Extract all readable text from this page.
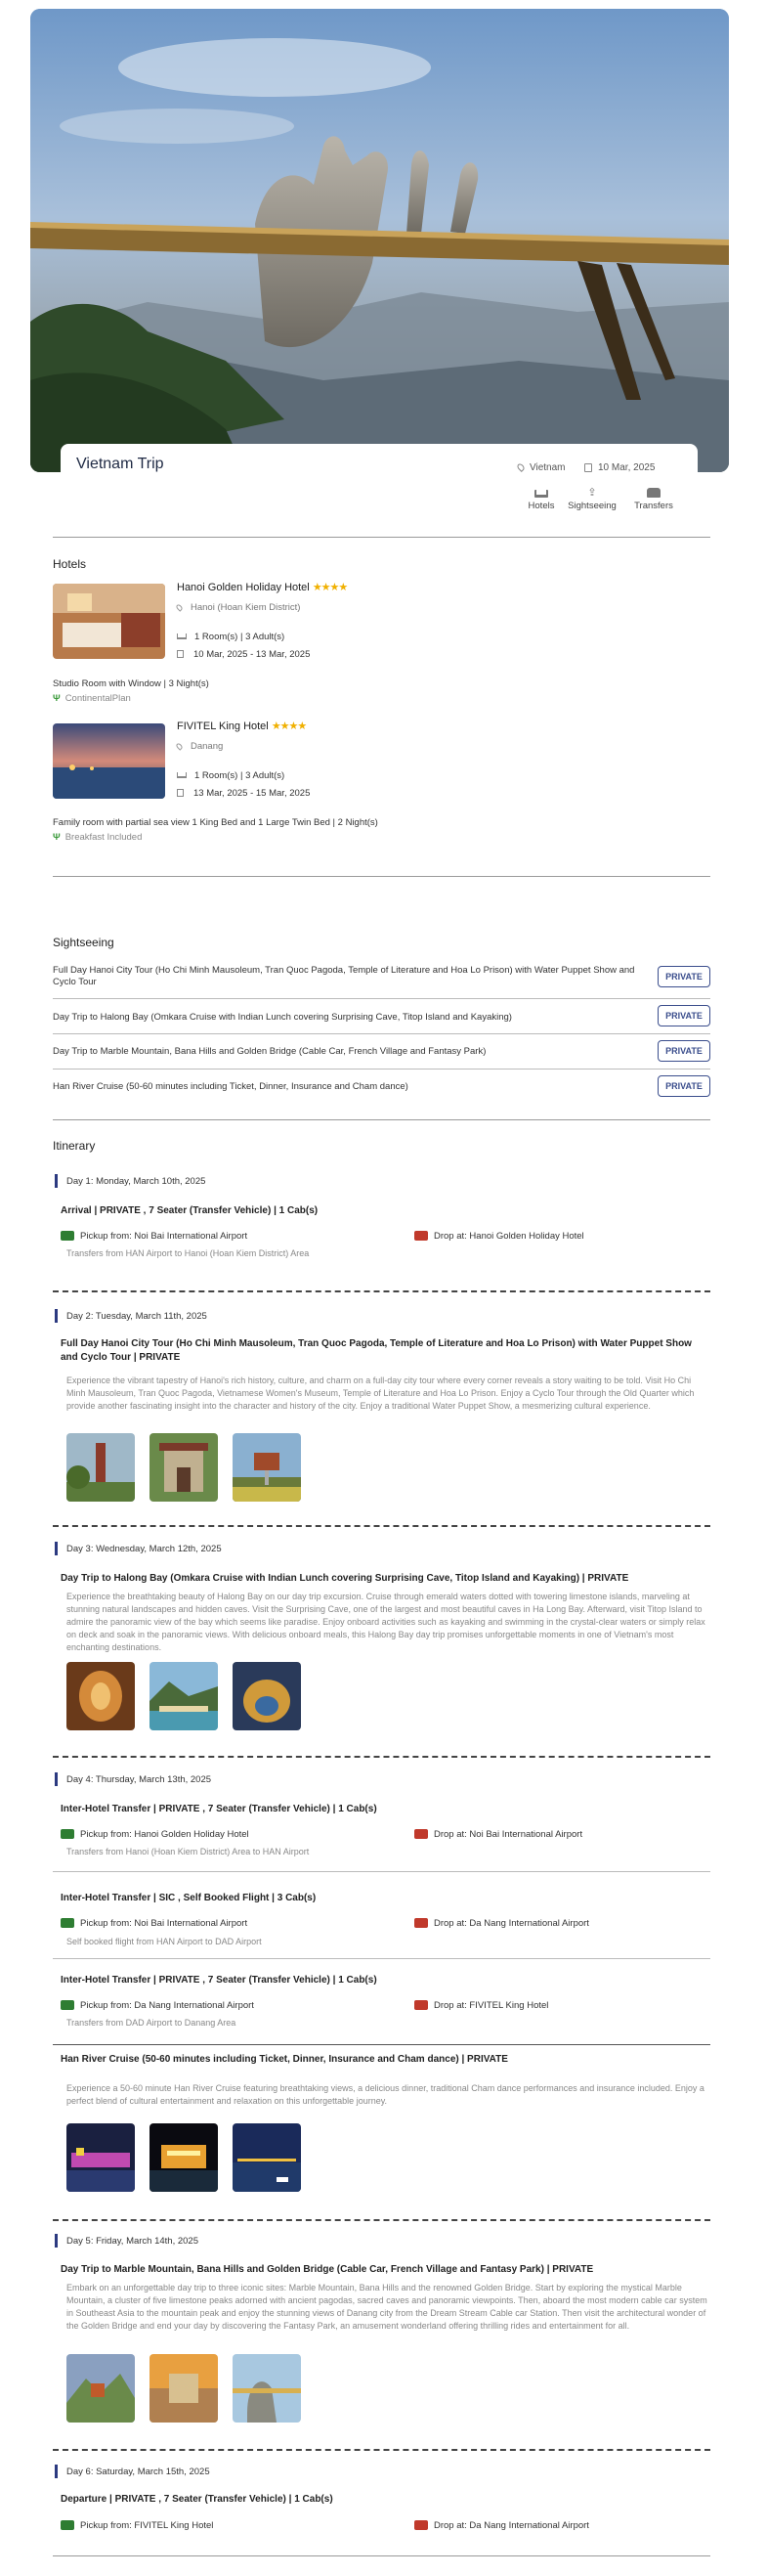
Vietnam Trip	Vietnam	10 Mar, 2025
Hotels
⇪
Sightseeing	Transfers
Hotels
Hanoi Golden Holiday Hotel ★★★★
Hanoi (Hoan Kiem District)
1 Room(s) | 3 Adult(s)
10 Mar, 2025 - 13 Mar, 2025
Studio Room with Window | 3 Night(s)
Ψ ContinentalPlan
FIVITEL King Hotel ★★★★
Danang
1 Room(s) | 3 Adult(s)
13 Mar, 2025 - 15 Mar, 2025
Family room with partial sea view 1 King Bed and 1 Large Twin Bed | 2 Night(s)
Ψ Breakfast Included
Sightseeing
Full Day Hanoi City Tour (Ho Chi Minh Mausoleum, Tran Quoc Pagoda, Temple of Literature and Hoa Lo Prison) with Water Puppet Show and Cyclo Tour	PRIVATE
Day Trip to Halong Bay (Omkara Cruise with Indian Lunch covering Surprising Cave, Titop Island and Kayaking)	PRIVATE
Day Trip to Marble Mountain, Bana Hills and Golden Bridge (Cable Car, French Village and Fantasy Park)	PRIVATE
Han River Cruise (50-60 minutes including Ticket, Dinner, Insurance and Cham dance)	PRIVATE
Itinerary
Day 1: Monday, March 10th, 2025
Arrival | PRIVATE , 7 Seater (Transfer Vehicle) | 1 Cab(s)
Pickup from: Noi Bai International Airport	Drop at: Hanoi Golden Holiday Hotel
Transfers from HAN Airport to Hanoi (Hoan Kiem District) Area
Day 2: Tuesday, March 11th, 2025
Full Day Hanoi City Tour (Ho Chi Minh Mausoleum, Tran Quoc Pagoda, Temple of Literature and Hoa Lo Prison) with Water Puppet Show and Cyclo Tour | PRIVATE
Experience the vibrant tapestry of Hanoi's rich history, culture, and charm on a full-day city tour where every corner reveals a story waiting to be told. Visit Ho Chi Minh Mausoleum, Tran Quoc Pagoda, Vietnamese Women's Museum, Temple of Literature and Hoa Lo Prison. Enjoy a Cyclo Tour through the Old Quarter which provide another fascinating insight into the character and history of the city. Enjoy a traditional Water Puppet Show, a mesmerizing cultural experience.
Day 3: Wednesday, March 12th, 2025
Day Trip to Halong Bay (Omkara Cruise with Indian Lunch covering Surprising Cave, Titop Island and Kayaking) | PRIVATE
Experience the breathtaking beauty of Halong Bay on our day trip excursion. Cruise through emerald waters dotted with towering limestone islands, marveling at stunning natural landscapes and hidden caves. Visit the Surprising Cave, one of the largest and most beautiful caves in Ha Long Bay. Afterward, visit Titop Island to admire the panoramic view of the bay which seems like paradise. Enjoy onboard activities such as kayaking and swimming in the crystal-clear waters or simply relax on deck and soak in the panoramic views. With delicious onboard meals, this Halong Bay day trip promises unforgettable moments in one of Vietnam's most enchanting destinations.
Day 4: Thursday, March 13th, 2025
Inter-Hotel Transfer | PRIVATE , 7 Seater (Transfer Vehicle) | 1 Cab(s)
Pickup from: Hanoi Golden Holiday Hotel	Drop at: Noi Bai International Airport
Transfers from Hanoi (Hoan Kiem District) Area to HAN Airport
Inter-Hotel Transfer | SIC , Self Booked Flight | 3 Cab(s)
Pickup from: Noi Bai International Airport	Drop at: Da Nang International Airport
Self booked flight from HAN Airport to DAD Airport
Inter-Hotel Transfer | PRIVATE , 7 Seater (Transfer Vehicle) | 1 Cab(s)
Pickup from: Da Nang International Airport	Drop at: FIVITEL King Hotel
Transfers from DAD Airport to Danang Area
Han River Cruise (50-60 minutes including Ticket, Dinner, Insurance and Cham dance) | PRIVATE
Experience a 50-60 minute Han River Cruise featuring breathtaking views, a delicious dinner, traditional Cham dance performances and insurance included. Enjoy a perfect blend of cultural entertainment and relaxation on this unforgettable journey.
Day 5: Friday, March 14th, 2025
Day Trip to Marble Mountain, Bana Hills and Golden Bridge (Cable Car, French Village and Fantasy Park) | PRIVATE
Embark on an unforgettable day trip to three iconic sites: Marble Mountain, Bana Hills and the renowned Golden Bridge. Start by exploring the mystical Marble Mountain, a cluster of five limestone peaks adorned with ancient pagodas, sacred caves and panoramic viewpoints. Then, aboard the most modern cable car system in Southeast Asia to the mountain peak and enjoy the stunning views of Danang city from the Dream Stream Cable car Station. Then visit the architectural wonder of the Golden Bridge and end your day by discovering the Fantasy Park, an amusement wonderland offering thrilling rides and entertainment for all.
Day 6: Saturday, March 15th, 2025
Departure | PRIVATE , 7 Seater (Transfer Vehicle) | 1 Cab(s)
Pickup from: FIVITEL King Hotel	Drop at: Da Nang International Airport
